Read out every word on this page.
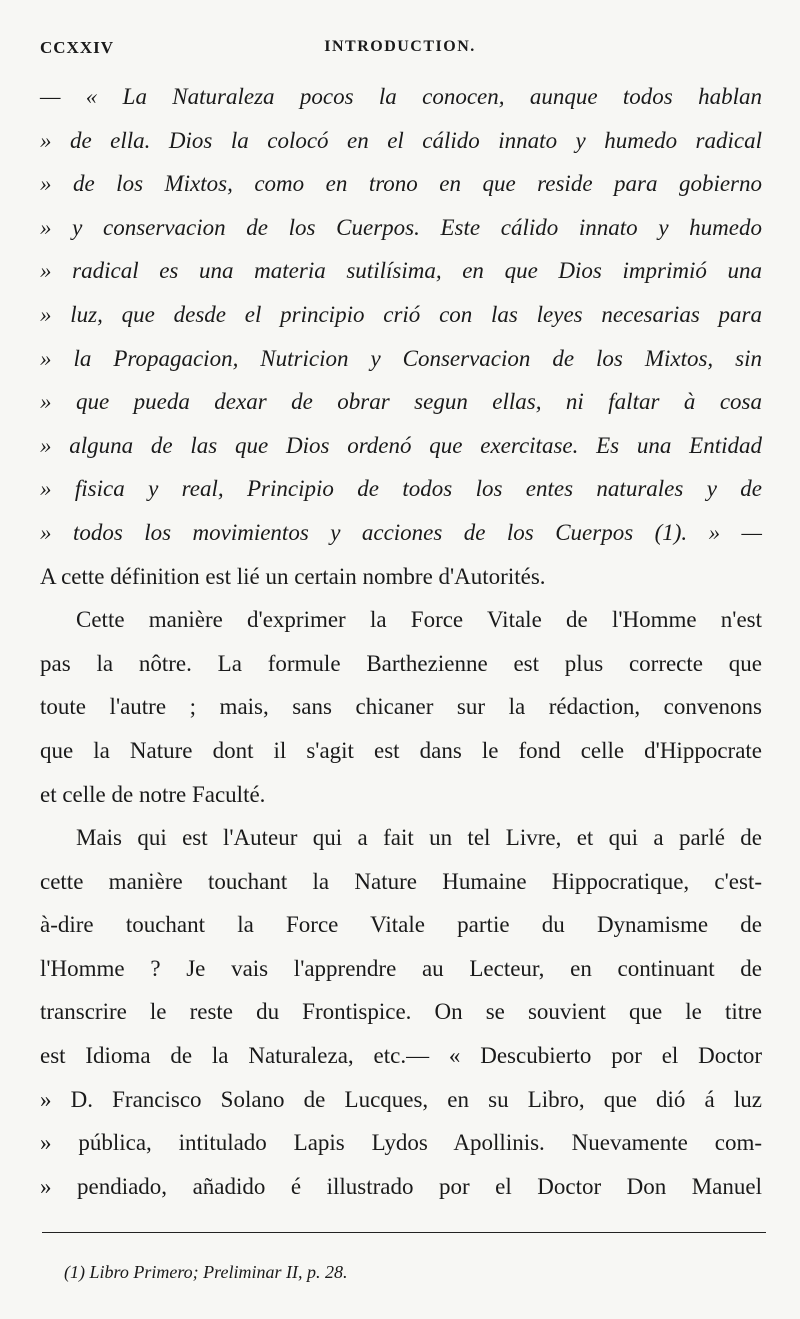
CCXXIV	INTRODUCTION.
— « La Naturaleza pocos la conocen, aunque todos hablan
» de ella. Dios la colocó en el cálido innato y humedo radical
» de los Mixtos, como en trono en que reside para gobierno
» y conservacion de los Cuerpos. Este cálido innato y humedo
» radical es una materia sutilísima, en que Dios imprimió una
» luz, que desde el principio crió con las leyes necesarias para
» la Propagacion, Nutricion y Conservacion de los Mixtos, sin
» que pueda dexar de obrar segun ellas, ni faltar à cosa
» alguna de las que Dios ordenó que exercitase. Es una Entidad
» fisica y real, Principio de todos los entes naturales y de
» todos los movimientos y acciones de los Cuerpos (1). » —
A cette définition est lié un certain nombre d'Autorités.
Cette manière d'exprimer la Force Vitale de l'Homme n'est
pas la nôtre. La formule Barthezienne est plus correcte que
toute l'autre ; mais, sans chicaner sur la rédaction, convenons
que la Nature dont il s'agit est dans le fond celle d'Hippocrate
et celle de notre Faculté.
Mais qui est l'Auteur qui a fait un tel Livre, et qui a parlé de
cette manière touchant la Nature Humaine Hippocratique, c'est-
à-dire touchant la Force Vitale partie du Dynamisme de
l'Homme ? Je vais l'apprendre au Lecteur, en continuant de
transcrire le reste du Frontispice. On se souvient que le titre
est Idioma de la Naturaleza, etc.— « Descubierto por el Doctor
» D. Francisco Solano de Lucques, en su Libro, que dió á luz
» pública, intitulado Lapis Lydos Apollinis. Nuevamente com-
» pendiado, añadido é illustrado por el Doctor Don Manuel
(1) Libro Primero; Preliminar II, p. 28.
